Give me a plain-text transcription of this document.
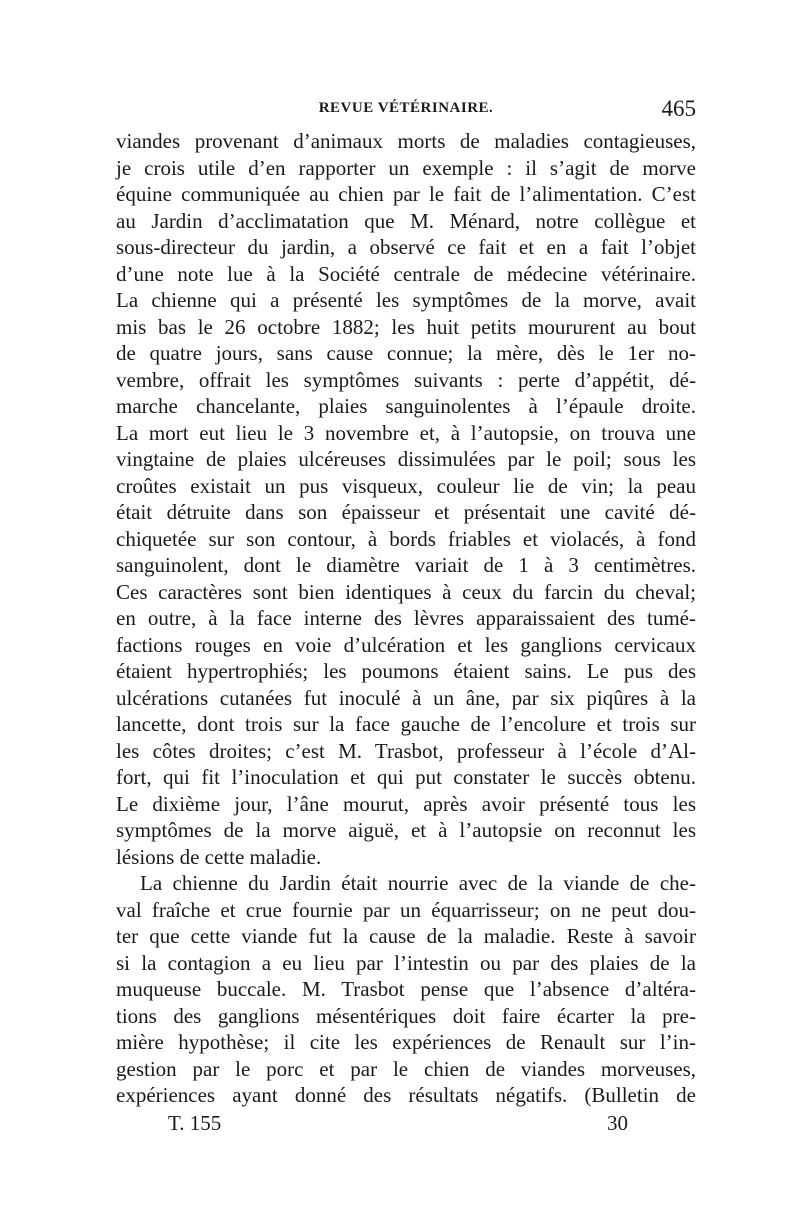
REVUE VÉTÉRINAIRE.	465
viandes provenant d’animaux morts de maladies contagieuses,
je crois utile d’en rapporter un exemple : il s’agit de morve
équine communiquée au chien par le fait de l’alimentation. C’est
au Jardin d’acclimatation que M. Ménard, notre collègue et
sous-directeur du jardin, a observé ce fait et en a fait l’objet
d’une note lue à la Société centrale de médecine vétérinaire.
La chienne qui a présenté les symptômes de la morve, avait
mis bas le 26 octobre 1882; les huit petits moururent au bout
de quatre jours, sans cause connue; la mère, dès le 1er no-
vembre, offrait les symptômes suivants : perte d’appétit, dé-
marche chancelante, plaies sanguinolentes à l’épaule droite.
La mort eut lieu le 3 novembre et, à l’autopsie, on trouva une
vingtaine de plaies ulcéreuses dissimulées par le poil; sous les
croûtes existait un pus visqueux, couleur lie de vin; la peau
était détruite dans son épaisseur et présentait une cavité dé-
chiquetée sur son contour, à bords friables et violacés, à fond
sanguinolent, dont le diamètre variait de 1 à 3 centimètres.
Ces caractères sont bien identiques à ceux du farcin du cheval;
en outre, à la face interne des lèvres apparaissaient des tumé-
factions rouges en voie d’ulcération et les ganglions cervicaux
étaient hypertrophiés; les poumons étaient sains. Le pus des
ulcérations cutanées fut inoculé à un âne, par six piqûres à la
lancette, dont trois sur la face gauche de l’encolure et trois sur
les côtes droites; c’est M. Trasbot, professeur à l’école d’Al-
fort, qui fit l’inoculation et qui put constater le succès obtenu.
Le dixième jour, l’âne mourut, après avoir présenté tous les
symptômes de la morve aiguë, et à l’autopsie on reconnut les
lésions de cette maladie.
La chienne du Jardin était nourrie avec de la viande de che-
val fraîche et crue fournie par un équarrisseur; on ne peut dou-
ter que cette viande fut la cause de la maladie. Reste à savoir
si la contagion a eu lieu par l’intestin ou par des plaies de la
muqueuse buccale. M. Trasbot pense que l’absence d’altéra-
tions des ganglions mésentériques doit faire écarter la pre-
mière hypothèse; il cite les expériences de Renault sur l’in-
gestion par le porc et par le chien de viandes morveuses,
expériences ayant donné des résultats négatifs. (Bulletin de
T. 155	30
